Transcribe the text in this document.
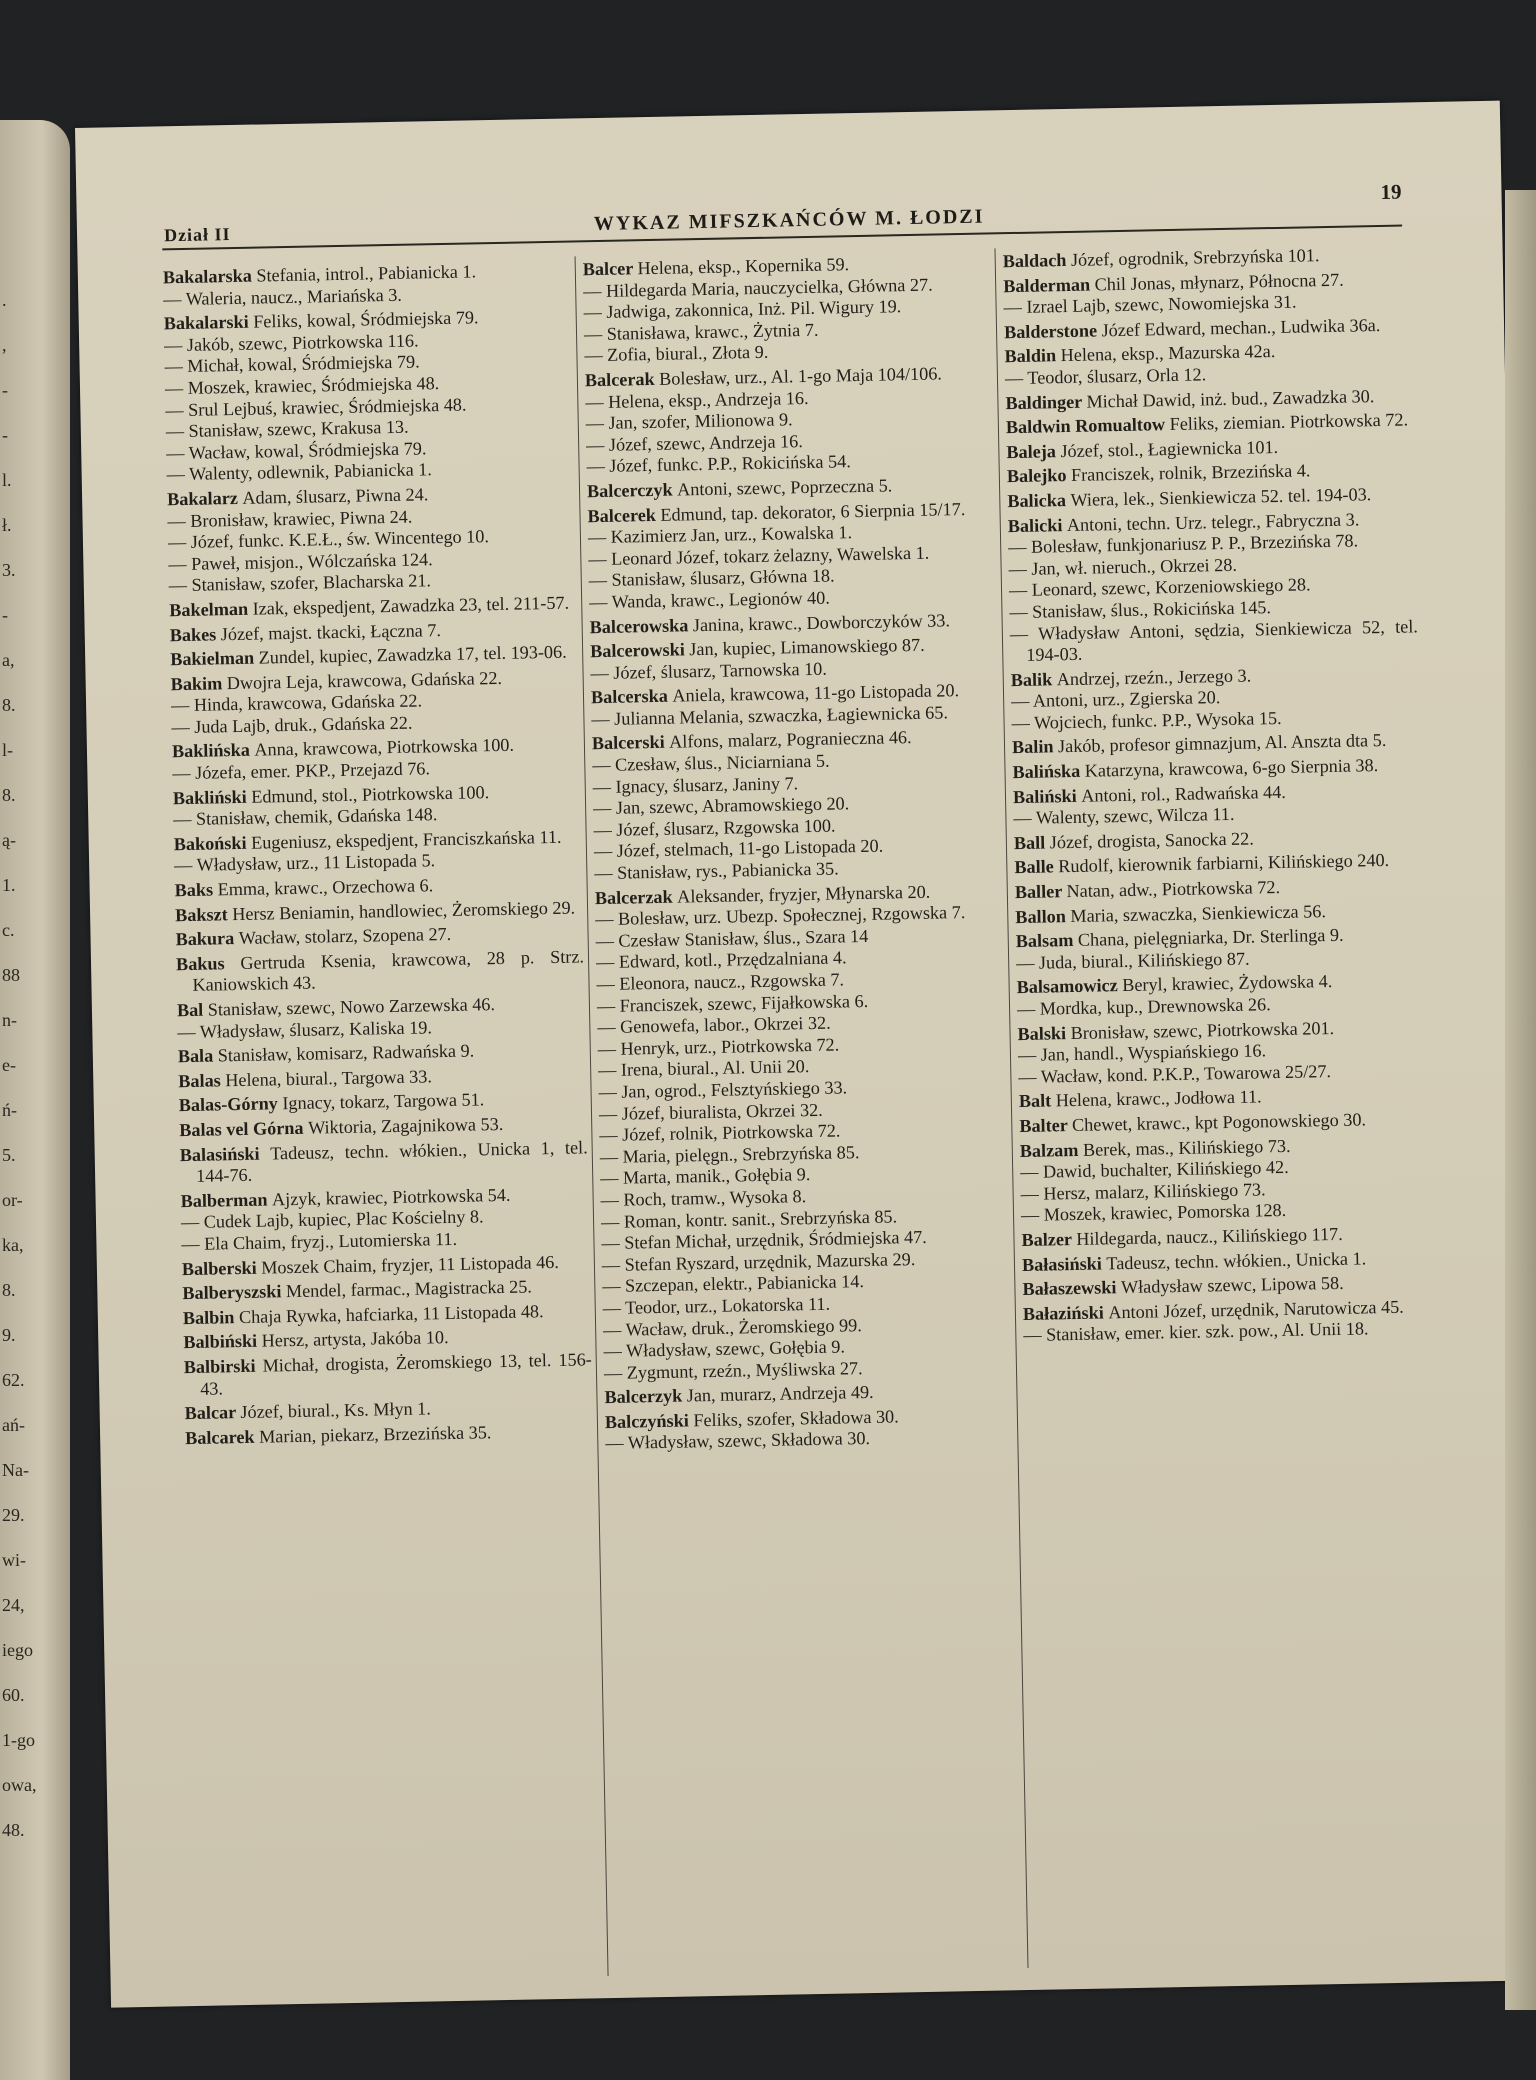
.
,
-
-
l.
ł.
3.
-
a,
8.
l-
8.
ą-
1.
c.
88
n-
e-
ń-
5.
or-
ka,
8.
9.
62.
ań-
Na-
29.
wi-
24,
iego
60.
1-go
owa,
48.
Dział II	WYKAZ MIFSZKAŃCÓW M. ŁODZI
19

Bakalarska Stefania, introl., Pabianicka 1.

— Waleria, naucz., Mariańska 3.

Bakalarski Feliks, kowal, Śródmiejska 79.

— Jakób, szewc, Piotrkowska 116.

— Michał, kowal, Śródmiejska 79.

— Moszek, krawiec, Śródmiejska 48.

— Srul Lejbuś, krawiec, Śródmiejska 48.

— Stanisław, szewc, Krakusa 13.

— Wacław, kowal, Śródmiejska 79.

— Walenty, odlewnik, Pabianicka 1.

Bakalarz Adam, ślusarz, Piwna 24.

— Bronisław, krawiec, Piwna 24.

— Józef, funkc. K.E.Ł., św. Wincentego 10.

— Paweł, misjon., Wólczańska 124.

— Stanisław, szofer, Blacharska 21.

Bakelman Izak, ekspedjent, Zawadzka 23, tel. 211-57.

Bakes Józef, majst. tkacki, Łączna 7.

Bakielman Zundel, kupiec, Zawadzka 17, tel. 193-06.

Bakim Dwojra Leja, krawcowa, Gdańska 22.

— Hinda, krawcowa, Gdańska 22.

— Juda Lajb, druk., Gdańska 22.

Baklińska Anna, krawcowa, Piotrkowska 100.

— Józefa, emer. PKP., Przejazd 76.

Bakliński Edmund, stol., Piotrkowska 100.

— Stanisław, chemik, Gdańska 148.

Bakoński Eugeniusz, ekspedjent, Franciszkańska 11.

— Władysław, urz., 11 Listopada 5.

Baks Emma, krawc., Orzechowa 6.

Bakszt Hersz Beniamin, handlowiec, Żeromskiego 29.

Bakura Wacław, stolarz, Szopena 27.

Bakus Gertruda Ksenia, krawcowa, 28 p. Strz. Kaniowskich 43.

Bal Stanisław, szewc, Nowo Zarzewska 46.

— Władysław, ślusarz, Kaliska 19.

Bala Stanisław, komisarz, Radwańska 9.

Balas Helena, biural., Targowa 33.

Balas-Górny Ignacy, tokarz, Targowa 51.

Balas vel Górna Wiktoria, Zagajnikowa 53.

Balasiński Tadeusz, techn. włókien., Unicka 1, tel. 144-76.

Balberman Ajzyk, krawiec, Piotrkowska 54.

— Cudek Lajb, kupiec, Plac Kościelny 8.

— Ela Chaim, fryzj., Lutomierska 11.

Balberski Moszek Chaim, fryzjer, 11 Listopada 46.

Balberyszski Mendel, farmac., Magistracka 25.

Balbin Chaja Rywka, hafciarka, 11 Listopada 48.

Balbiński Hersz, artysta, Jakóba 10.

Balbirski Michał, drogista, Żeromskiego 13, tel. 156-43.

Balcar Józef, biural., Ks. Młyn 1.

Balcarek Marian, piekarz, Brzezińska 35.

Balcer Helena, eksp., Kopernika 59.

— Hildegarda Maria, nauczycielka, Główna 27.

— Jadwiga, zakonnica, Inż. Pil. Wigury 19.

— Stanisława, krawc., Żytnia 7.

— Zofia, biural., Złota 9.

Balcerak Bolesław, urz., Al. 1-go Maja 104/106.

— Helena, eksp., Andrzeja 16.

— Jan, szofer, Milionowa 9.

— Józef, szewc, Andrzeja 16.

— Józef, funkc. P.P., Rokicińska 54.

Balcerczyk Antoni, szewc, Poprzeczna 5.

Balcerek Edmund, tap. dekorator, 6 Sierpnia 15/17.

— Kazimierz Jan, urz., Kowalska 1.

— Leonard Józef, tokarz żelazny, Wawelska 1.

— Stanisław, ślusarz, Główna 18.

— Wanda, krawc., Legionów 40.

Balcerowska Janina, krawc., Dowborczyków 33.

Balcerowski Jan, kupiec, Limanowskiego 87.

— Józef, ślusarz, Tarnowska 10.

Balcerska Aniela, krawcowa, 11-go Listopada 20.

— Julianna Melania, szwaczka, Łagiewnicka 65.

Balcerski Alfons, malarz, Pogranieczna 46.

— Czesław, ślus., Niciarniana 5.

— Ignacy, ślusarz, Janiny 7.

— Jan, szewc, Abramowskiego 20.

— Józef, ślusarz, Rzgowska 100.

— Józef, stelmach, 11-go Listopada 20.

— Stanisław, rys., Pabianicka 35.

Balcerzak Aleksander, fryzjer, Młynarska 20.

— Bolesław, urz. Ubezp. Społecznej, Rzgowska 7.

— Czesław Stanisław, ślus., Szara 14

— Edward, kotl., Przędzalniana 4.

— Eleonora, naucz., Rzgowska 7.

— Franciszek, szewc, Fijałkowska 6.

— Genowefa, labor., Okrzei 32.

— Henryk, urz., Piotrkowska 72.

— Irena, biural., Al. Unii 20.

— Jan, ogrod., Felsztyńskiego 33.

— Józef, biuralista, Okrzei 32.

— Józef, rolnik, Piotrkowska 72.

— Maria, pielęgn., Srebrzyńska 85.

— Marta, manik., Gołębia 9.

— Roch, tramw., Wysoka 8.

— Roman, kontr. sanit., Srebrzyńska 85.

— Stefan Michał, urzędnik, Śródmiejska 47.

— Stefan Ryszard, urzędnik, Mazurska 29.

— Szczepan, elektr., Pabianicka 14.

— Teodor, urz., Lokatorska 11.

— Wacław, druk., Żeromskiego 99.

— Władysław, szewc, Gołębia 9.

— Zygmunt, rzeźn., Myśliwska 27.

Balcerzyk Jan, murarz, Andrzeja 49.

Balczyński Feliks, szofer, Składowa 30.

— Władysław, szewc, Składowa 30.

Baldach Józef, ogrodnik, Srebrzyńska 101.

Balderman Chil Jonas, młynarz, Północna 27.

— Izrael Lajb, szewc, Nowomiejska 31.

Balderstone Józef Edward, mechan., Ludwika 36a.

Baldin Helena, eksp., Mazurska 42a.

— Teodor, ślusarz, Orla 12.

Baldinger Michał Dawid, inż. bud., Zawadzka 30.

Baldwin Romualtow Feliks, ziemian. Piotrkowska 72.

Baleja Józef, stol., Łagiewnicka 101.

Balejko Franciszek, rolnik, Brzezińska 4.

Balicka Wiera, lek., Sienkiewicza 52. tel. 194-03.

Balicki Antoni, techn. Urz. telegr., Fabryczna 3.

— Bolesław, funkjonariusz P. P., Brzezińska 78.

— Jan, wł. nieruch., Okrzei 28.

— Leonard, szewc, Korzeniowskiego 28.

— Stanisław, ślus., Rokicińska 145.

— Władysław Antoni, sędzia, Sienkiewicza 52, tel. 194-03.

Balik Andrzej, rzeźn., Jerzego 3.

— Antoni, urz., Zgierska 20.

— Wojciech, funkc. P.P., Wysoka 15.

Balin Jakób, profesor gimnazjum, Al. Anszta dta 5.

Balińska Katarzyna, krawcowa, 6-go Sierpnia 38.

Baliński Antoni, rol., Radwańska 44.

— Walenty, szewc, Wilcza 11.

Ball Józef, drogista, Sanocka 22.

Balle Rudolf, kierownik farbiarni, Kilińskiego 240.

Baller Natan, adw., Piotrkowska 72.

Ballon Maria, szwaczka, Sienkiewicza 56.

Balsam Chana, pielęgniarka, Dr. Sterlinga 9.

— Juda, biural., Kilińskiego 87.

Balsamowicz Beryl, krawiec, Żydowska 4.

— Mordka, kup., Drewnowska 26.

Balski Bronisław, szewc, Piotrkowska 201.

— Jan, handl., Wyspiańskiego 16.

— Wacław, kond. P.K.P., Towarowa 25/27.

Balt Helena, krawc., Jodłowa 11.

Balter Chewet, krawc., kpt Pogonowskiego 30.

Balzam Berek, mas., Kilińskiego 73.

— Dawid, buchalter, Kilińskiego 42.

— Hersz, malarz, Kilińskiego 73.

— Moszek, krawiec, Pomorska 128.

Balzer Hildegarda, naucz., Kilińskiego 117.

Bałasiński Tadeusz, techn. włókien., Unicka 1.

Bałaszewski Władysław szewc, Lipowa 58.

Bałaziński Antoni Józef, urzędnik, Narutowicza 45.

— Stanisław, emer. kier. szk. pow., Al. Unii 18.
